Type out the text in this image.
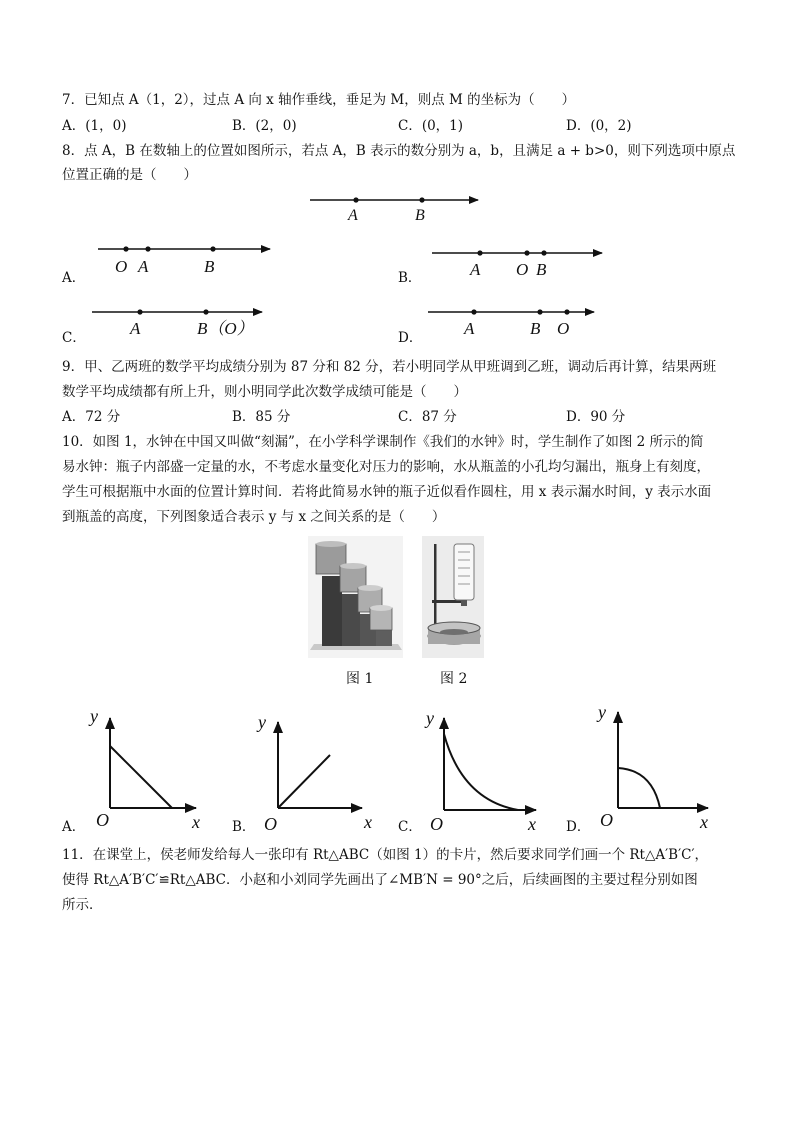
7．已知点 A（1，2），过点 A 向 x 轴作垂线，垂足为 M，则点 M 的坐标为（　　）
A．(1，0)	B．(2，0)	C．(0，1)	D．(0，2)
8．点 A，B 在数轴上的位置如图所示，若点 A，B 表示的数分别为 a，b，且满足 a + b>0，则下列选项中原点
位置正确的是（　　）
A	B
O A	B	A O B
A	B（O）	A	B O
A．	B．
C．	D．
9．甲、乙两班的数学平均成绩分别为 87 分和 82 分，若小明同学从甲班调到乙班，调动后再计算，结果两班
数学平均成绩都有所上升，则小明同学此次数学成绩可能是（　　）
A．72 分	B．85 分	C．87 分	D．90 分
10．如图 1，水钟在中国又叫做“刻漏”，在小学科学课制作《我们的水钟》时，学生制作了如图 2 所示的简
易水钟：瓶子内部盛一定量的水，不考虑水量变化对压力的影响，水从瓶盖的小孔均匀漏出，瓶身上有刻度，
学生可根据瓶中水面的位置计算时间．若将此简易水钟的瓶子近似看作圆柱，用 x 表示漏水时间，y 表示水面
到瓶盖的高度，下列图象适合表示 y 与 x 之间关系的是（　　）
图 1	图 2
y
O	x
y
O	x
y
O	x
y
O	x
A．	B．	C．	D．
11．在课堂上，侯老师发给每人一张印有 Rt△ABC（如图 1）的卡片，然后要求同学们画一个 Rt△A′B′C′，
使得 Rt△A′B′C′≌Rt△ABC．小赵和小刘同学先画出了∠MB′N = 90°之后，后续画图的主要过程分别如图
所示．
